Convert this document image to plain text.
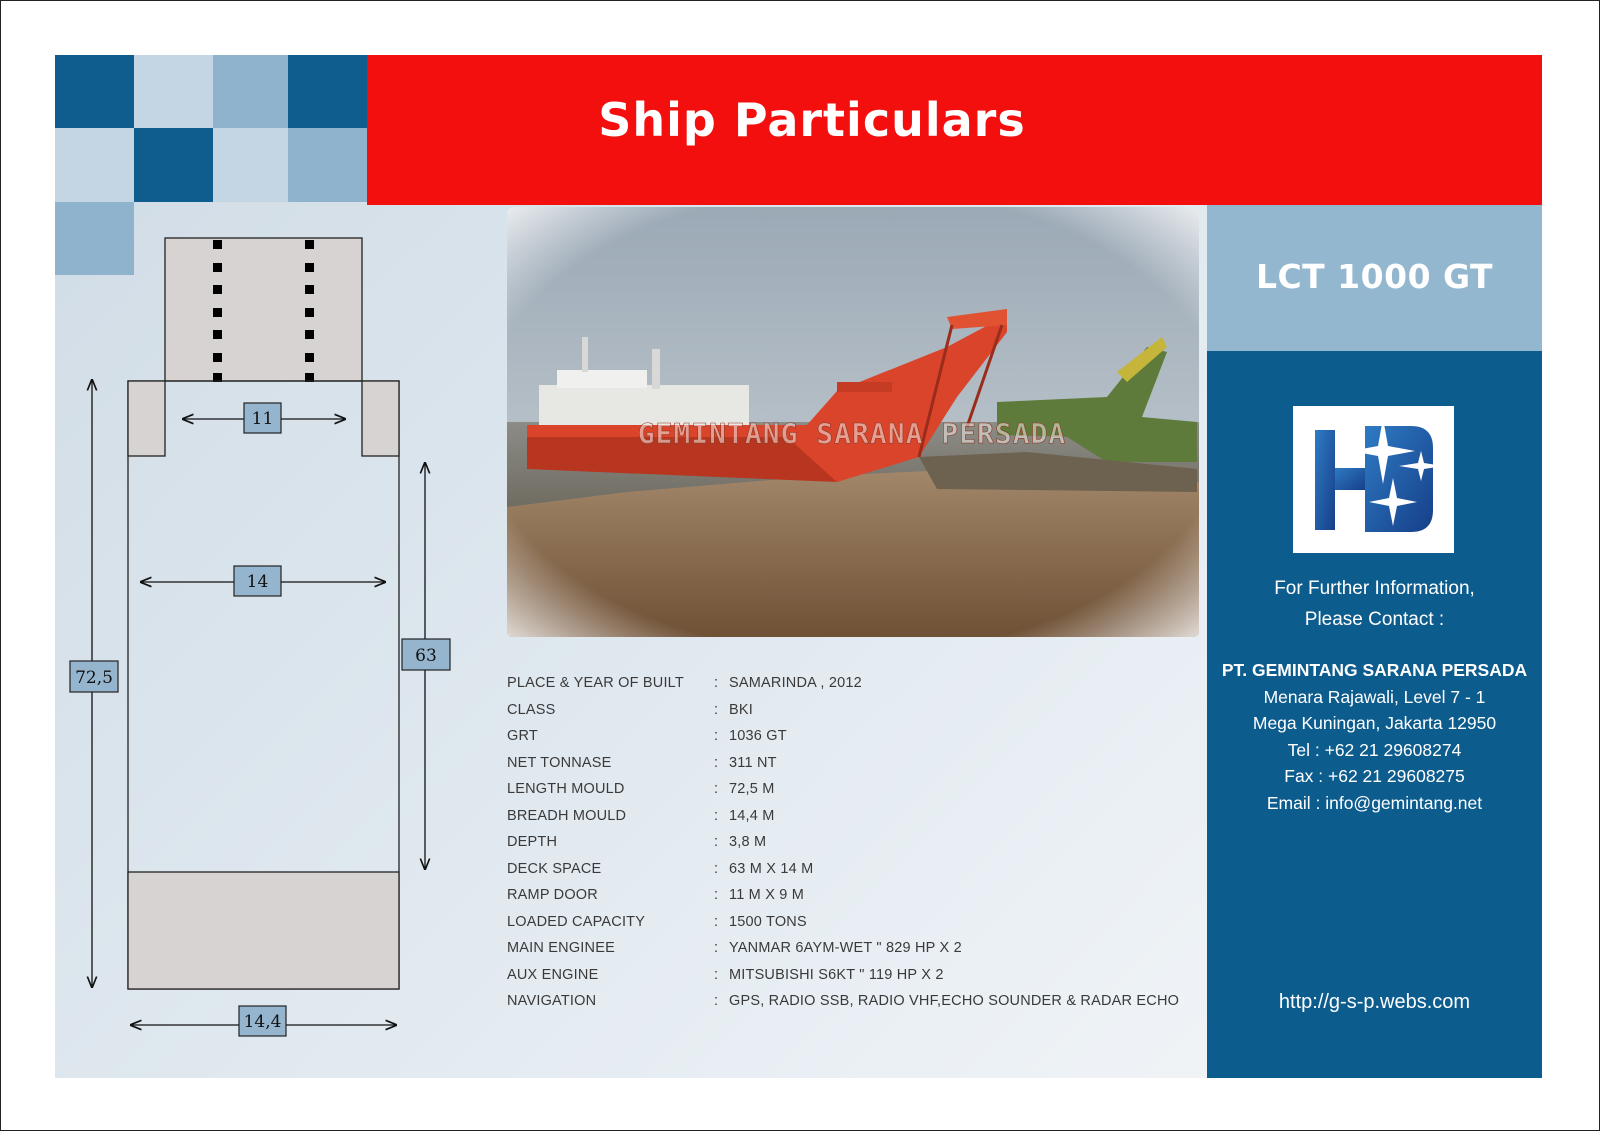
Ship Particulars
11
14
72,5
63
14,4
PLACE & YEAR OF BUILT : SAMARINDA , 2012
CLASS	: BKI
GRT	: 1036 GT
NET TONNASE	: 311 NT
LENGTH MOULD	: 72,5 M
BREADH MOULD	: 14,4 M
DEPTH	: 3,8 M
DECK SPACE	: 63 M X 14 M
RAMP DOOR	: 11 M X 9 M
LOADED CAPACITY	: 1500 TONS
MAIN ENGINEE	: YANMAR 6AYM-WET " 829 HP X 2
AUX ENGINE	: MITSUBISHI S6KT " 119 HP X 2
NAVIGATION	: GPS, RADIO SSB, RADIO VHF,ECHO SOUNDER & RADAR ECHO
LCT 1000 GT
For Further Information,
Please Contact :
PT. GEMINTANG SARANA PERSADA
Menara Rajawali, Level 7 - 1
Mega Kuningan, Jakarta 12950
Tel : +62 21 29608274
Fax : +62 21 29608275
Email : info@gemintang.net
http://g-s-p.webs.com
